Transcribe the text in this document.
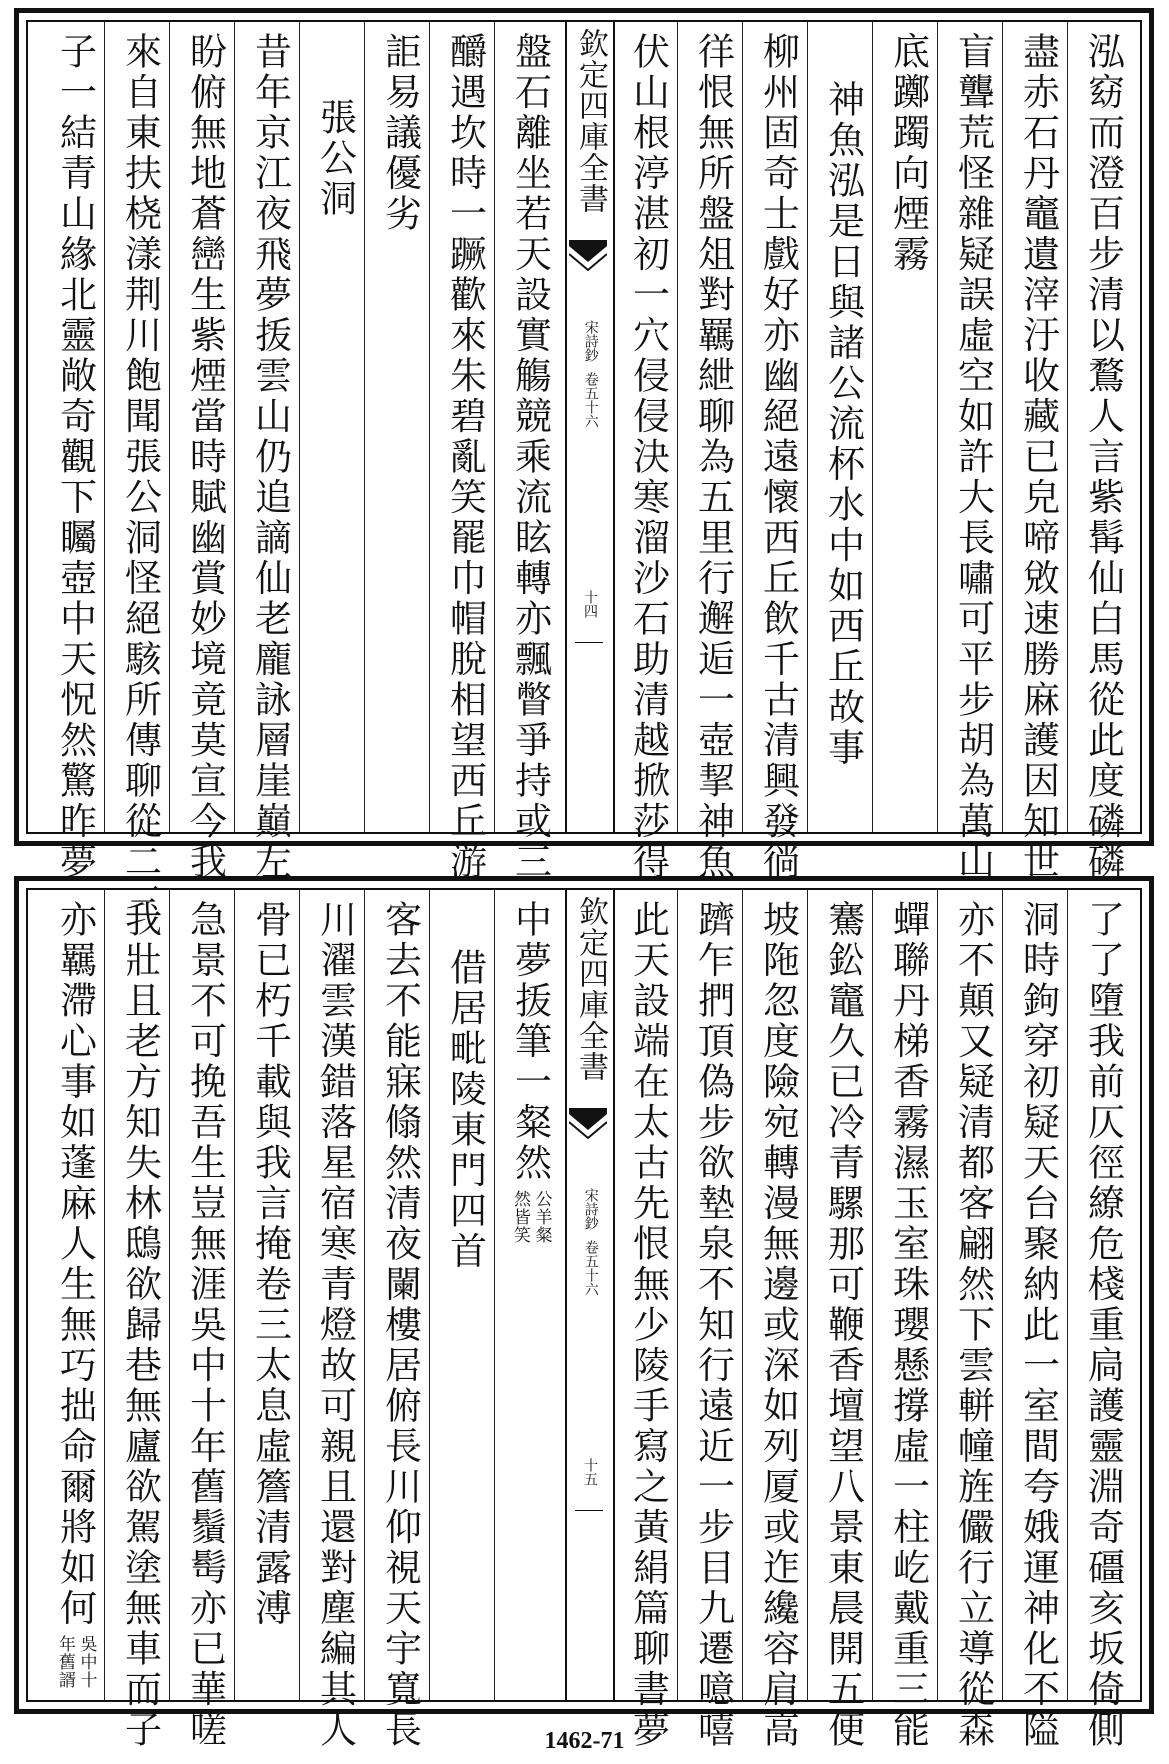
泓窈而澄百步清以鶩人言紫髯仙白馬從此度磷磷
盡赤石丹竈遺滓汙收藏已皃啼敓速勝麻護因知世
盲聾荒怪雜疑誤虛空如許大長嘯可平步胡為萬山
底躑躅向煙霧
神魚泓是日與諸公流杯水中如西丘故事
柳州固奇士戲好亦幽絕遠懷西丘飲千古清興發徜
徉恨無所盤俎對羈紲聊為五里行邂逅一壺挈神魚
伏山根渟湛初一穴侵侵決寒溜沙石助清越掀莎得
欽定四庫全書
宋詩鈔
卷五十六
十四
盤石離坐若天設實觴競乘流眩轉亦飄瞥爭持或三
釂遇坎時一蹶歡來朱碧亂笑罷巾帽脫相望西丘游
詎易議優劣
張公洞
昔年京江夜飛夢㧞雲山仍追謫仙老龐詠層崖巔左
盼俯無地蒼巒生紫煙當時賦幽賞妙境竟莫宣今我
來自東扶桡漾荆川飽聞張公洞怪絕駭所傳聊從二三
子一結青山緣北靈敞奇觀下矚壺中天怳然驚昨夢
了了墮我前仄徑繚危棧重扃護靈淵奇礓亥坂倚側
洞時鉤穿初疑天台聚納此一室間夸娥運神化不隘
亦不顛又疑清都客翩然下雲軿幢旌儼行立導從森
蟬聯丹梯香霧濕玉室珠瓔懸撐虛一柱屹戴重三能
騫鈆竈久已冷青騾那可鞭香壇望八景東晨開五便
坡陁忽度險宛轉漫無邊或深如列厦或迮纔容肩高
躋乍捫頂偽步欲墊泉不知行遠近一步目九遷噫嘻
此天設端在太古先恨無少陵手寫之黃絹篇聊書夢
欽定四庫全書
宋詩鈔
卷五十六
十五
中夢㧞筆一粲然
公羊粲
然皆笑
借居毗陵東門四首
客去不能寐翛然清夜闌樓居俯長川仰視天宇寬長
川濯雲漢錯落星宿寒青燈故可親且還對塵編其人
骨已朽千載與我言掩卷三太息虛簷清露溥
急景不可挽吾生豈無涯吳中十年舊鬚髩亦已華嗟
我壯且老方知失林鴟欲歸巷無廬欲駕塗無車而子
亦羈滯心事如蓬麻人生無巧拙命爾將如何
吳中十
年舊諝
1462-71
